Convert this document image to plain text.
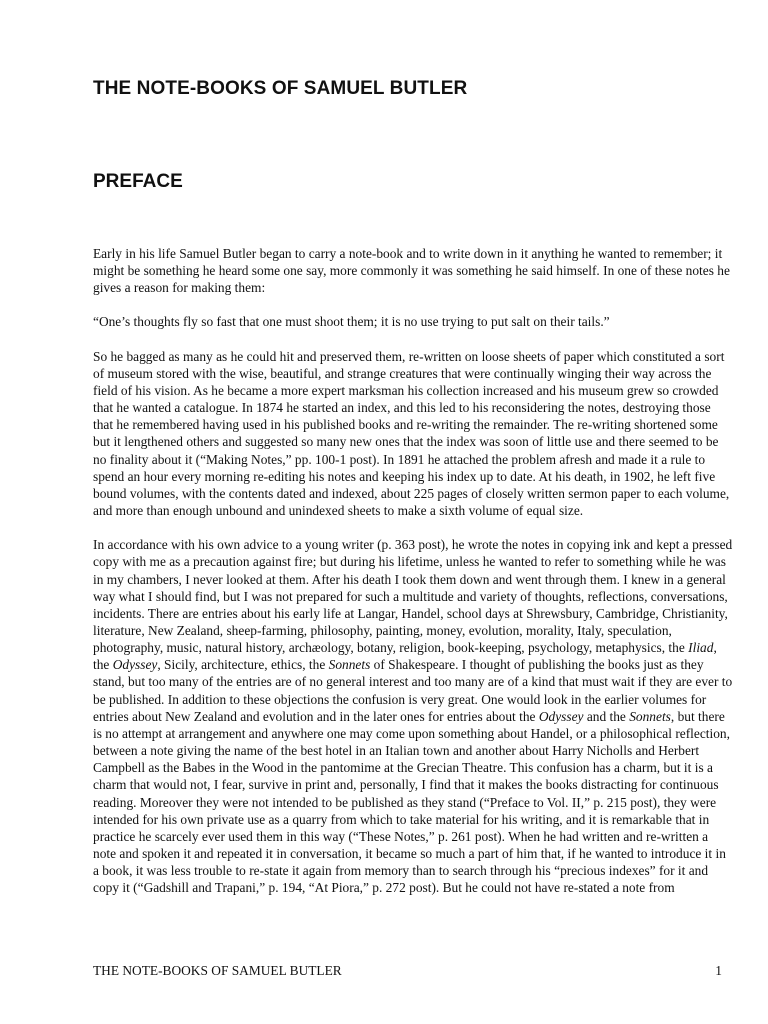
THE NOTE-BOOKS OF SAMUEL BUTLER
PREFACE

Early in his life Samuel Butler began to carry a note-book and to write down in it anything he wanted to remember; it might be something he heard some one say, more commonly it was something he said himself. In one of these notes he gives a reason for making them:

“One’s thoughts fly so fast that one must shoot them; it is no use trying to put salt on their tails.”

So he bagged as many as he could hit and preserved them, re-written on loose sheets of paper which constituted a sort of museum stored with the wise, beautiful, and strange creatures that were continually winging their way across the field of his vision. As he became a more expert marksman his collection increased and his museum grew so crowded that he wanted a catalogue. In 1874 he started an index, and this led to his reconsidering the notes, destroying those that he remembered having used in his published books and re-writing the remainder. The re-writing shortened some but it lengthened others and suggested so many new ones that the index was soon of little use and there seemed to be no finality about it (“Making Notes,” pp. 100-1 post). In 1891 he attached the problem afresh and made it a rule to spend an hour every morning re-editing his notes and keeping his index up to date. At his death, in 1902, he left five bound volumes, with the contents dated and indexed, about 225 pages of closely written sermon paper to each volume, and more than enough unbound and unindexed sheets to make a sixth volume of equal size.

In accordance with his own advice to a young writer (p. 363 post), he wrote the notes in copying ink and kept a pressed copy with me as a precaution against fire; but during his lifetime, unless he wanted to refer to something while he was in my chambers, I never looked at them. After his death I took them down and went through them. I knew in a general way what I should find, but I was not prepared for such a multitude and variety of thoughts, reflections, conversations, incidents. There are entries about his early life at Langar, Handel, school days at Shrewsbury, Cambridge, Christianity, literature, New Zealand, sheep-farming, philosophy, painting, money, evolution, morality, Italy, speculation, photography, music, natural history, archæology, botany, religion, book-keeping, psychology, metaphysics, the Iliad, the Odyssey, Sicily, architecture, ethics, the Sonnets of Shakespeare. I thought of publishing the books just as they stand, but too many of the entries are of no general interest and too many are of a kind that must wait if they are ever to be published. In addition to these objections the confusion is very great. One would look in the earlier volumes for entries about New Zealand and evolution and in the later ones for entries about the Odyssey and the Sonnets, but there is no attempt at arrangement and anywhere one may come upon something about Handel, or a philosophical reflection, between a note giving the name of the best hotel in an Italian town and another about Harry Nicholls and Herbert Campbell as the Babes in the Wood in the pantomime at the Grecian Theatre. This confusion has a charm, but it is a charm that would not, I fear, survive in print and, personally, I find that it makes the books distracting for continuous reading. Moreover they were not intended to be published as they stand (“Preface to Vol. II,” p. 215 post), they were intended for his own private use as a quarry from which to take material for his writing, and it is remarkable that in practice he scarcely ever used them in this way (“These Notes,” p. 261 post). When he had written and re-written a note and spoken it and repeated it in conversation, it became so much a part of him that, if he wanted to introduce it in a book, it was less trouble to re-state it again from memory than to search through his “precious indexes” for it and copy it (“Gadshill and Trapani,” p. 194, “At Piora,” p. 272 post). But he could not have re-stated a note from

THE NOTE-BOOKS OF SAMUEL BUTLER	1
